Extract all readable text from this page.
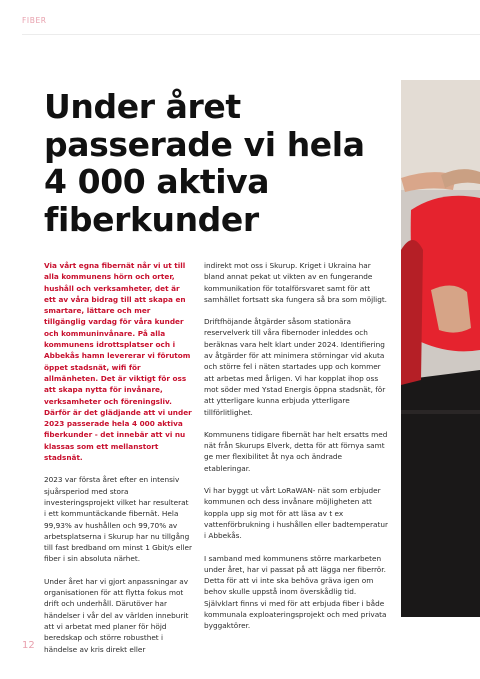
FIBER
Under året passerade vi hela 4 000 aktiva fiberkunder

Via vårt egna fibernät når vi ut till alla kommunens hörn och orter, hushåll och verksamheter, det är ett av våra bidrag till att skapa en smartare, lättare och mer tillgänglig vardag för våra kunder och kommuninvånare. På alla kommunens idrottsplatser och i Abbekås hamn levererar vi förutom öppet stadsnät, wifi för allmänheten. Det är viktigt för oss att skapa nytta för invånare, verksamheter och föreningsliv. Därför är det glädjande att vi under 2023 passerade hela 4 000 aktiva fiberkunder - det innebär att vi nu klassas som ett mellanstort stadsnät.

2023 var första året efter en intensiv sjuårsperiod med stora investeringsprojekt vilket har resulterat i ett kommuntäckande fibernät. Hela 99,93% av hushållen och 99,70% av arbetsplatserna i Skurup har nu tillgång till fast bredband om minst 1 Gbit/s eller fiber i sin absoluta närhet.

Under året har vi gjort anpassningar av organisationen för att flytta fokus mot drift och underhåll. Därutöver har händelser i vår del av världen inneburit att vi arbetat med planer för höjd beredskap och större robusthet i händelse av kris direkt eller

indirekt mot oss i Skurup. Kriget i Ukraina har bland annat pekat ut vikten av en fungerande kommunikation för totalförsvaret samt för att samhället fortsatt ska fungera så bra som möjligt.

Driftfhöjande åtgärder såsom stationära reservelverk till våra fibernoder inleddes och beräknas vara helt klart under 2024. Identifiering av åtgärder för att minimera störningar vid akuta och större fel i näten startades upp och kommer att arbetas med årligen. Vi har kopplat ihop oss mot söder med Ystad Energis öppna stadsnät, för att ytterligare kunna erbjuda ytterligare tillförlitlighet.

Kommunens tidigare fibernät har helt ersatts med nät från Skurups Elverk, detta för att förnya samt ge mer flexibilitet åt nya och ändrade etableringar.

Vi har byggt ut vårt LoRaWAN- nät som erbjuder kommunen och dess invånare möjligheten att koppla upp sig mot för att läsa av t ex vattenförbrukning i hushållen eller badtemperatur i Abbekås.

I samband med kommunens större markarbeten under året, har vi passat på att lägga ner fiberrör. Detta för att vi inte ska behöva gräva igen om behov skulle uppstå inom överskådlig tid. Självklart finns vi med för att erbjuda fiber i både kommunala exploateringsprojekt och med privata byggaktörer.

12
